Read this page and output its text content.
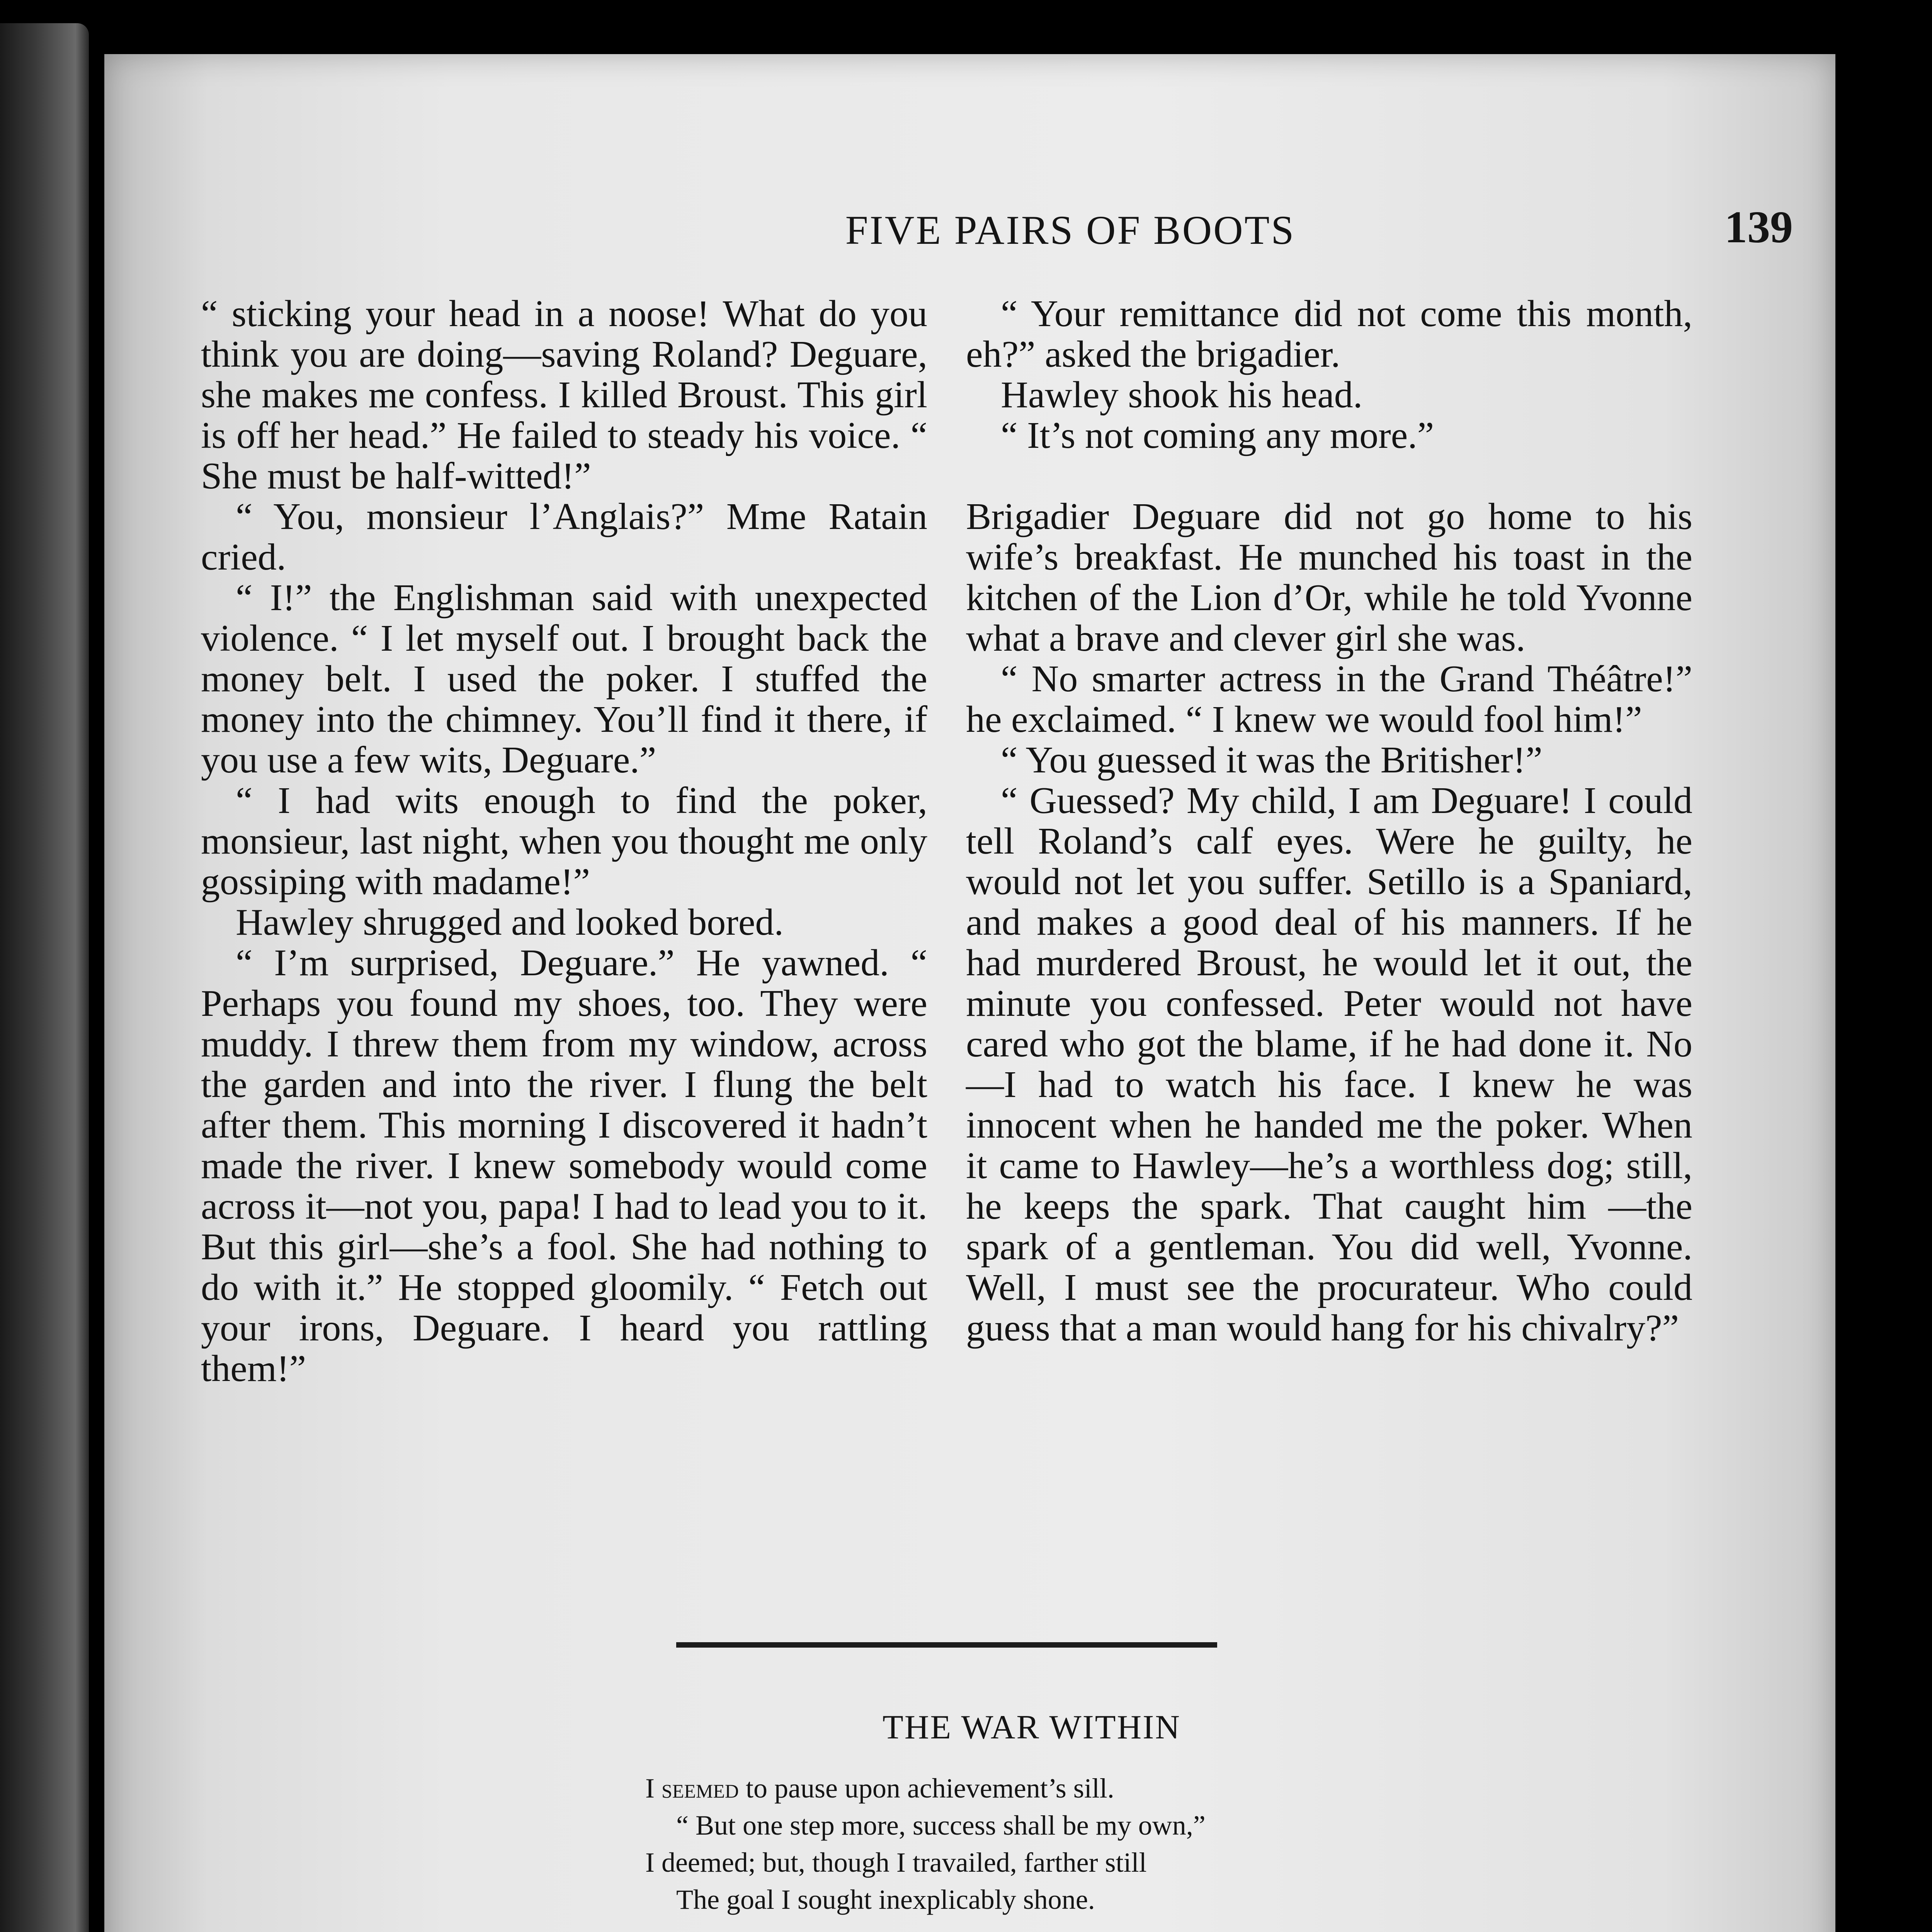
FIVE PAIRS OF BOOTS	139

“ sticking your head in a noose! What do you think you are doing—saving Roland? Deguare, she makes me confess. I killed Broust. This girl is off her head.” He failed to steady his voice. “ She must be half-witted!”

“ You, monsieur l’Anglais?” Mme Ratain cried.

“ I!” the Englishman said with unexpected violence. “ I let myself out. I brought back the money belt. I used the poker. I stuffed the money into the chimney. You’ll find it there, if you use a few wits, Deguare.”

“ I had wits enough to find the poker, monsieur, last night, when you thought me only gossiping with madame!”

Hawley shrugged and looked bored.

“ I’m surprised, Deguare.” He yawned. “ Perhaps you found my shoes, too. They were muddy. I threw them from my window, across the garden and into the river. I flung the belt after them. This morning I discovered it hadn’t made the river. I knew somebody would come across it—not you, papa! I had to lead you to it. But this girl—she’s a fool. She had nothing to do with it.” He stopped gloomily. “ Fetch out your irons, Deguare. I heard you rattling them!”

“ Your remittance did not come this month, eh?” asked the brigadier.

Hawley shook his head.

“ It’s not coming any more.”

Brigadier Deguare did not go home to his wife’s breakfast. He munched his toast in the kitchen of the Lion d’Or, while he told Yvonne what a brave and clever girl she was.

“ No smarter actress in the Grand Théâtre!” he exclaimed. “ I knew we would fool him!”

“ You guessed it was the Britisher!”

“ Guessed? My child, I am Deguare! I could tell Roland’s calf eyes. Were he guilty, he would not let you suffer. Setillo is a Spaniard, and makes a good deal of his manners. If he had murdered Broust, he would let it out, the minute you confessed. Peter would not have cared who got the blame, if he had done it. No—I had to watch his face. I knew he was innocent when he handed me the poker. When it came to Hawley—he’s a worthless dog; still, he keeps the spark. That caught him —the spark of a gentleman. You did well, Yvonne. Well, I must see the procurateur. Who could guess that a man would hang for his chivalry?”

THE WAR WITHIN
I seemed to pause upon achievement’s sill.
“ But one step more, success shall be my own,”
I deemed; but, though I travailed, farther still
The goal I sought inexplicably shone.
